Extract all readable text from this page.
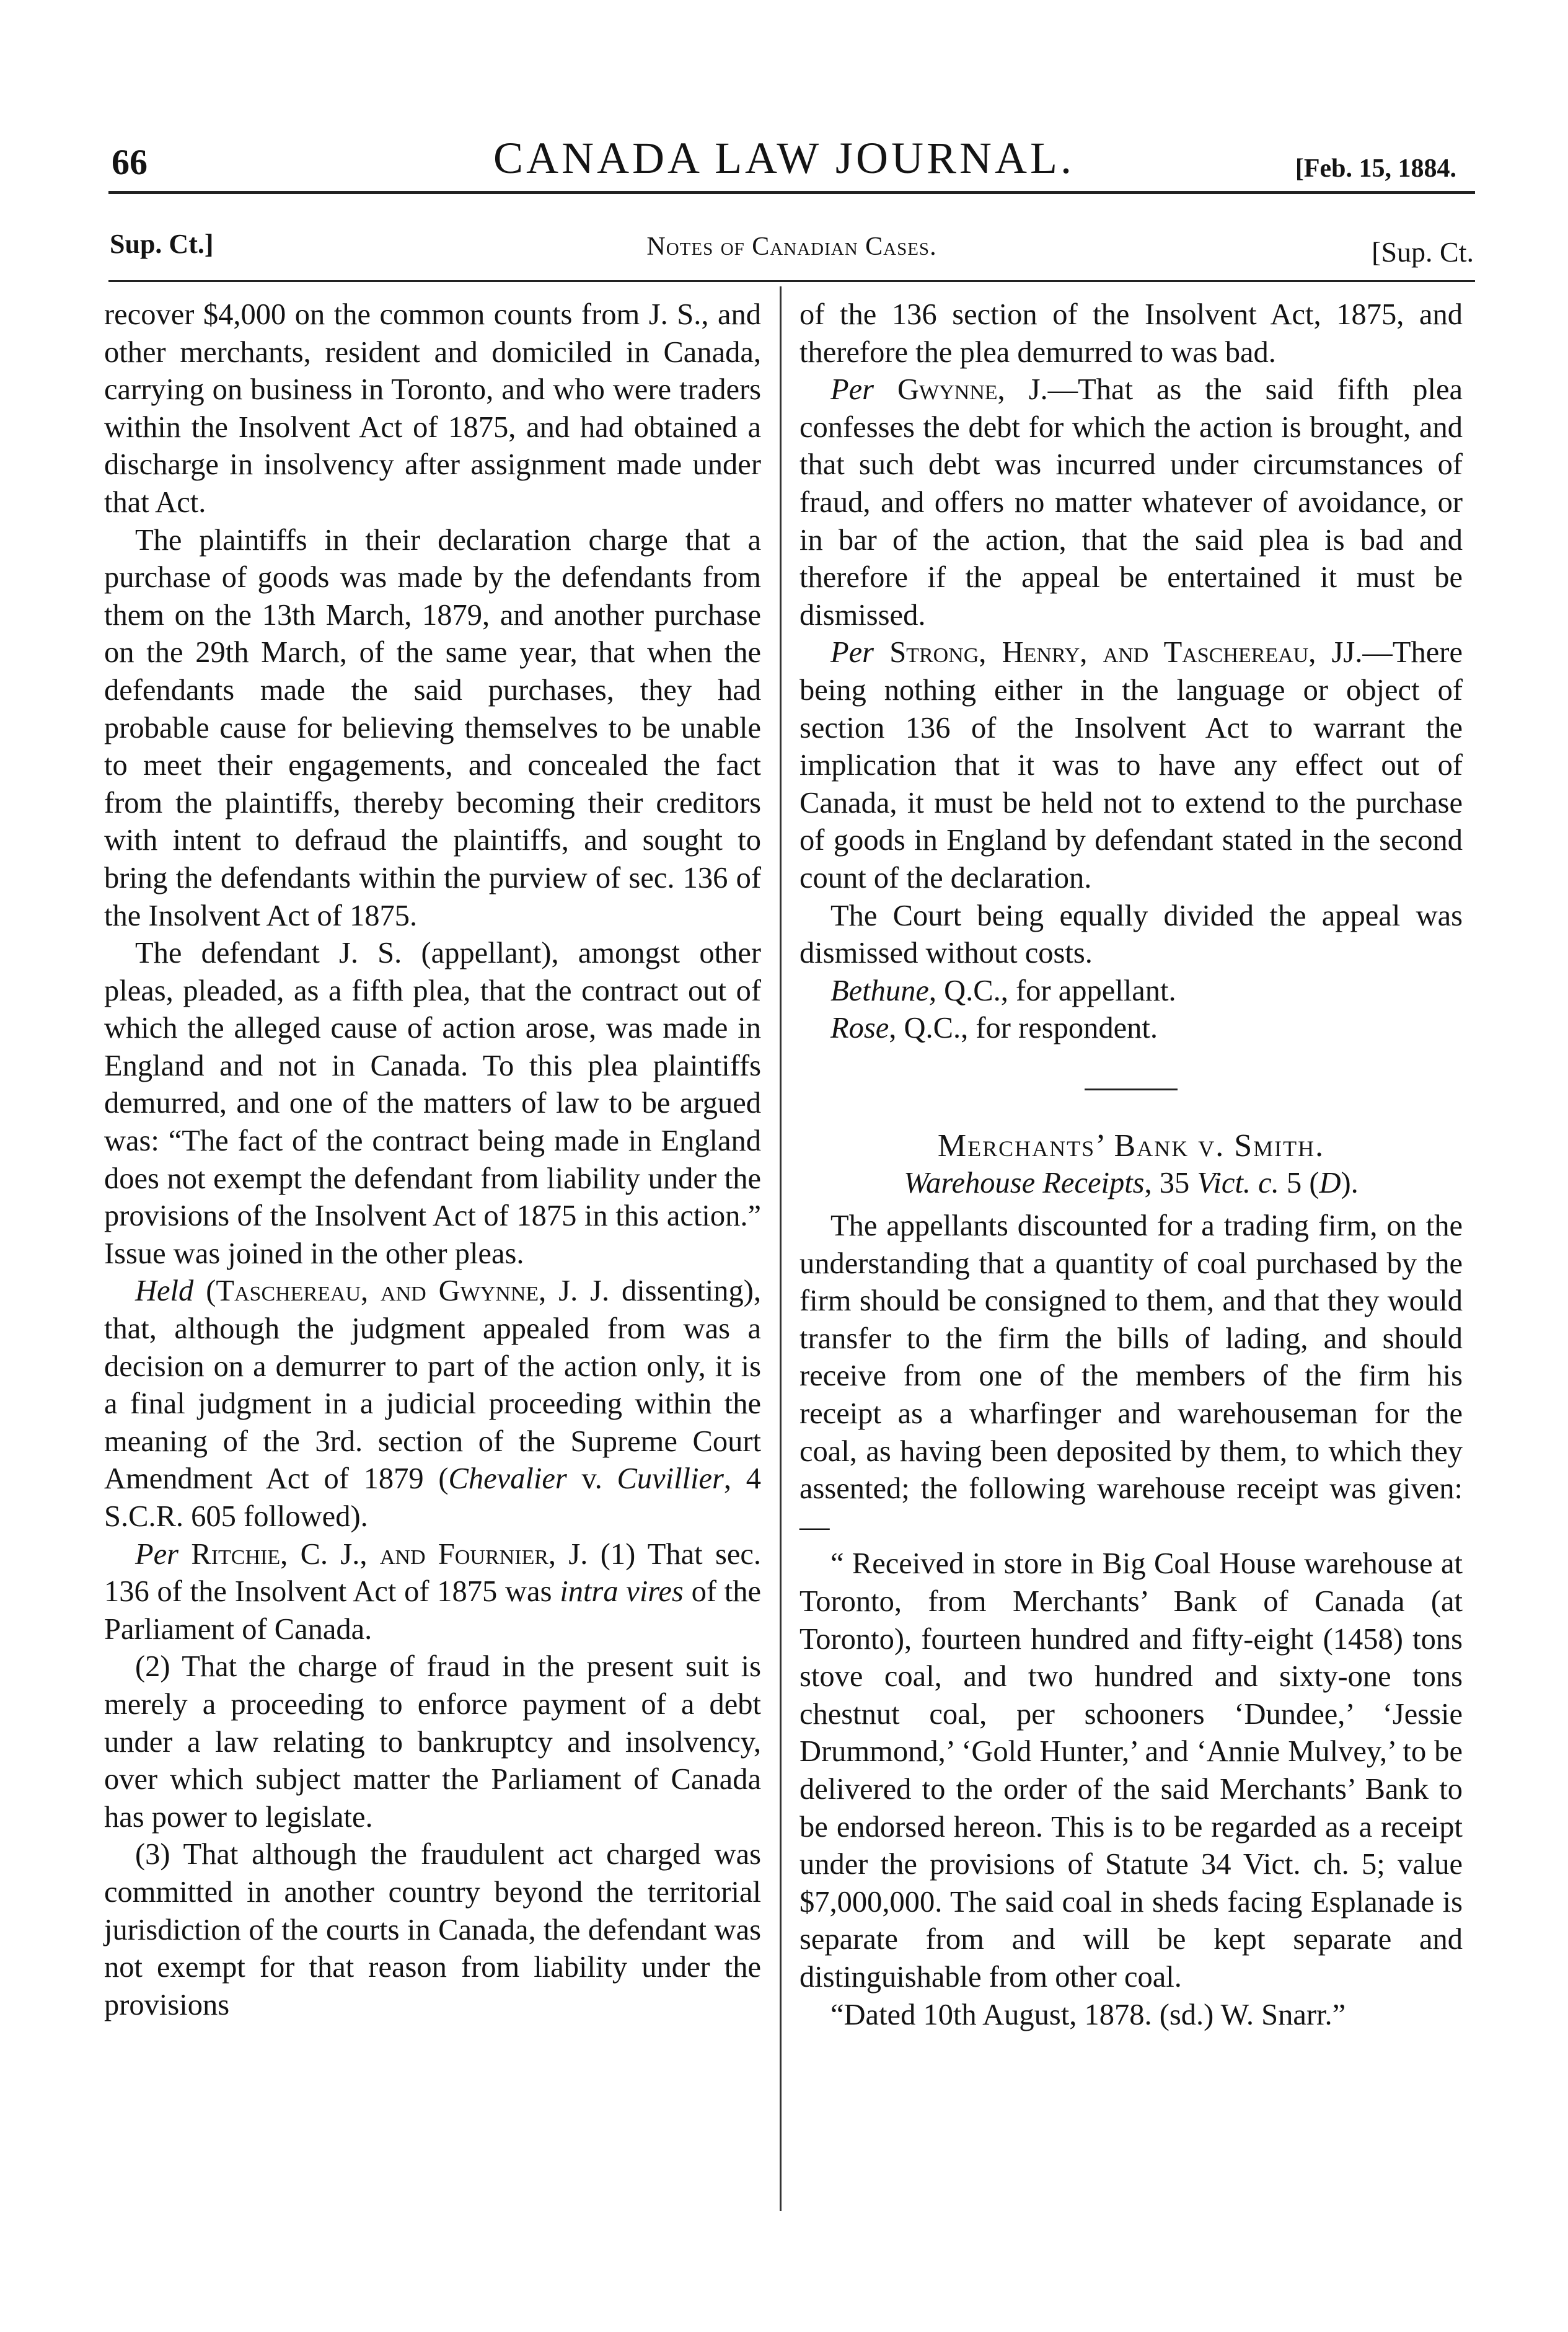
66	CANADA LAW JOURNAL.	[Feb. 15, 1884.
Sup. Ct.]	Notes of Canadian Cases.	[Sup. Ct.

recover $4,000 on the common counts from J. S., and other merchants, resident and domiciled in Canada, carrying on business in Toronto, and who were traders within the Insolvent Act of 1875, and had obtained a discharge in insolvency after assignment made under that Act.

The plaintiffs in their declaration charge that a purchase of goods was made by the defendants from them on the 13th March, 1879, and another purchase on the 29th March, of the same year, that when the defendants made the said purchases, they had probable cause for believing themselves to be unable to meet their engagements, and concealed the fact from the plaintiffs, thereby becoming their creditors with intent to defraud the plaintiffs, and sought to bring the defendants within the purview of sec. 136 of the Insolvent Act of 1875.

The defendant J. S. (appellant), amongst other pleas, pleaded, as a fifth plea, that the contract out of which the alleged cause of action arose, was made in England and not in Canada. To this plea plaintiffs demurred, and one of the matters of law to be argued was: “The fact of the contract being made in England does not exempt the defendant from liability under the provisions of the Insolvent Act of 1875 in this action.” Issue was joined in the other pleas.

Held (Taschereau, and Gwynne, J. J. dissenting), that, although the judgment appealed from was a decision on a demurrer to part of the action only, it is a final judgment in a judicial proceeding within the meaning of the 3rd. section of the Supreme Court Amendment Act of 1879 (Chevalier v. Cuvillier, 4 S.C.R. 605 followed).

Per Ritchie, C. J., and Fournier, J. (1) That sec. 136 of the Insolvent Act of 1875 was intra vires of the Parliament of Canada.

(2) That the charge of fraud in the present suit is merely a proceeding to enforce payment of a debt under a law relating to bankruptcy and insolvency, over which subject matter the Parliament of Canada has power to legislate.

(3) That although the fraudulent act charged was committed in another country beyond the territorial jurisdiction of the courts in Canada, the defendant was not exempt for that reason from liability under the provisions

of the 136 section of the Insolvent Act, 1875, and therefore the plea demurred to was bad.

Per Gwynne, J.—That as the said fifth plea confesses the debt for which the action is brought, and that such debt was incurred under circumstances of fraud, and offers no matter whatever of avoidance, or in bar of the action, that the said plea is bad and therefore if the appeal be entertained it must be dismissed.

Per Strong, Henry, and Taschereau, JJ.—There being nothing either in the language or object of section 136 of the Insolvent Act to warrant the implication that it was to have any effect out of Canada, it must be held not to extend to the purchase of goods in England by defendant stated in the second count of the declaration.

The Court being equally divided the appeal was dismissed without costs.

Bethune, Q.C., for appellant.

Rose, Q.C., for respondent.

Merchants’ Bank v. Smith.

Warehouse Receipts, 35 Vict. c. 5 (D).

The appellants discounted for a trading firm, on the understanding that a quantity of coal purchased by the firm should be consigned to them, and that they would transfer to the firm the bills of lading, and should receive from one of the members of the firm his receipt as a wharfinger and warehouseman for the coal, as having been deposited by them, to which they assented; the following warehouse receipt was given:—

“ Received in store in Big Coal House warehouse at Toronto, from Merchants’ Bank of Canada (at Toronto), fourteen hundred and fifty-eight (1458) tons stove coal, and two hundred and sixty-one tons chestnut coal, per schooners ‘Dundee,’ ‘Jessie Drummond,’ ‘Gold Hunter,’ and ‘Annie Mulvey,’ to be delivered to the order of the said Merchants’ Bank to be endorsed hereon. This is to be regarded as a receipt under the provisions of Statute 34 Vict. ch. 5; value $7,000,000. The said coal in sheds facing Esplanade is separate from and will be kept separate and distinguishable from other coal.

“Dated 10th August, 1878. (sd.) W. Snarr.”
